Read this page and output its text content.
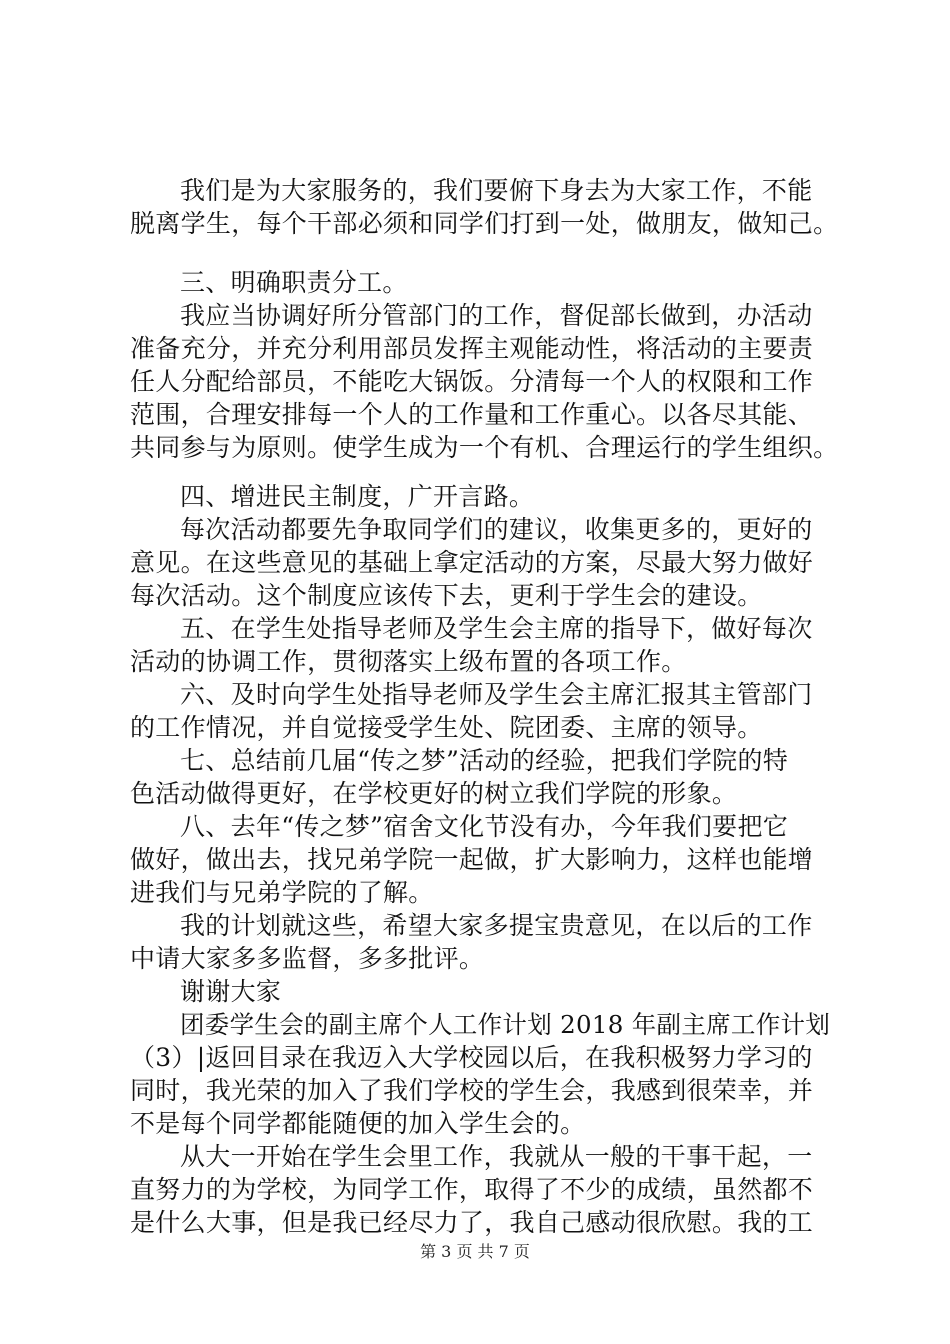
我们是为大家服务的，我们要俯下身去为大家工作，不能
脱离学生，每个干部必须和同学们打到一处，做朋友，做知己。
三、明确职责分工。
我应当协调好所分管部门的工作，督促部长做到，办活动
准备充分，并充分利用部员发挥主观能动性，将活动的主要责
任人分配给部员，不能吃大锅饭。分清每一个人的权限和工作
范围，合理安排每一个人的工作量和工作重心。以各尽其能、
共同参与为原则。使学生成为一个有机、合理运行的学生组织。
四、增进民主制度，广开言路。
每次活动都要先争取同学们的建议，收集更多的，更好的
意见。在这些意见的基础上拿定活动的方案，尽最大努力做好
每次活动。这个制度应该传下去，更利于学生会的建设。
五、在学生处指导老师及学生会主席的指导下，做好每次
活动的协调工作，贯彻落实上级布置的各项工作。
六、及时向学生处指导老师及学生会主席汇报其主管部门
的工作情况，并自觉接受学生处、院团委、主席的领导。
七、总结前几届“传之梦”活动的经验，把我们学院的特
色活动做得更好，在学校更好的树立我们学院的形象。
八、去年“传之梦”宿舍文化节没有办，今年我们要把它
做好，做出去，找兄弟学院一起做，扩大影响力，这样也能增
进我们与兄弟学院的了解。
我的计划就这些，希望大家多提宝贵意见，在以后的工作
中请大家多多监督，多多批评。
谢谢大家
团委学生会的副主席个人工作计划 2018 年副主席工作计划
（3）|返回目录在我迈入大学校园以后，在我积极努力学习的
同时，我光荣的加入了我们学校的学生会，我感到很荣幸，并
不是每个同学都能随便的加入学生会的。
从大一开始在学生会里工作，我就从一般的干事干起，一
直努力的为学校，为同学工作，取得了不少的成绩，虽然都不
是什么大事，但是我已经尽力了，我自己感动很欣慰。我的工
第 3 页 共 7 页
